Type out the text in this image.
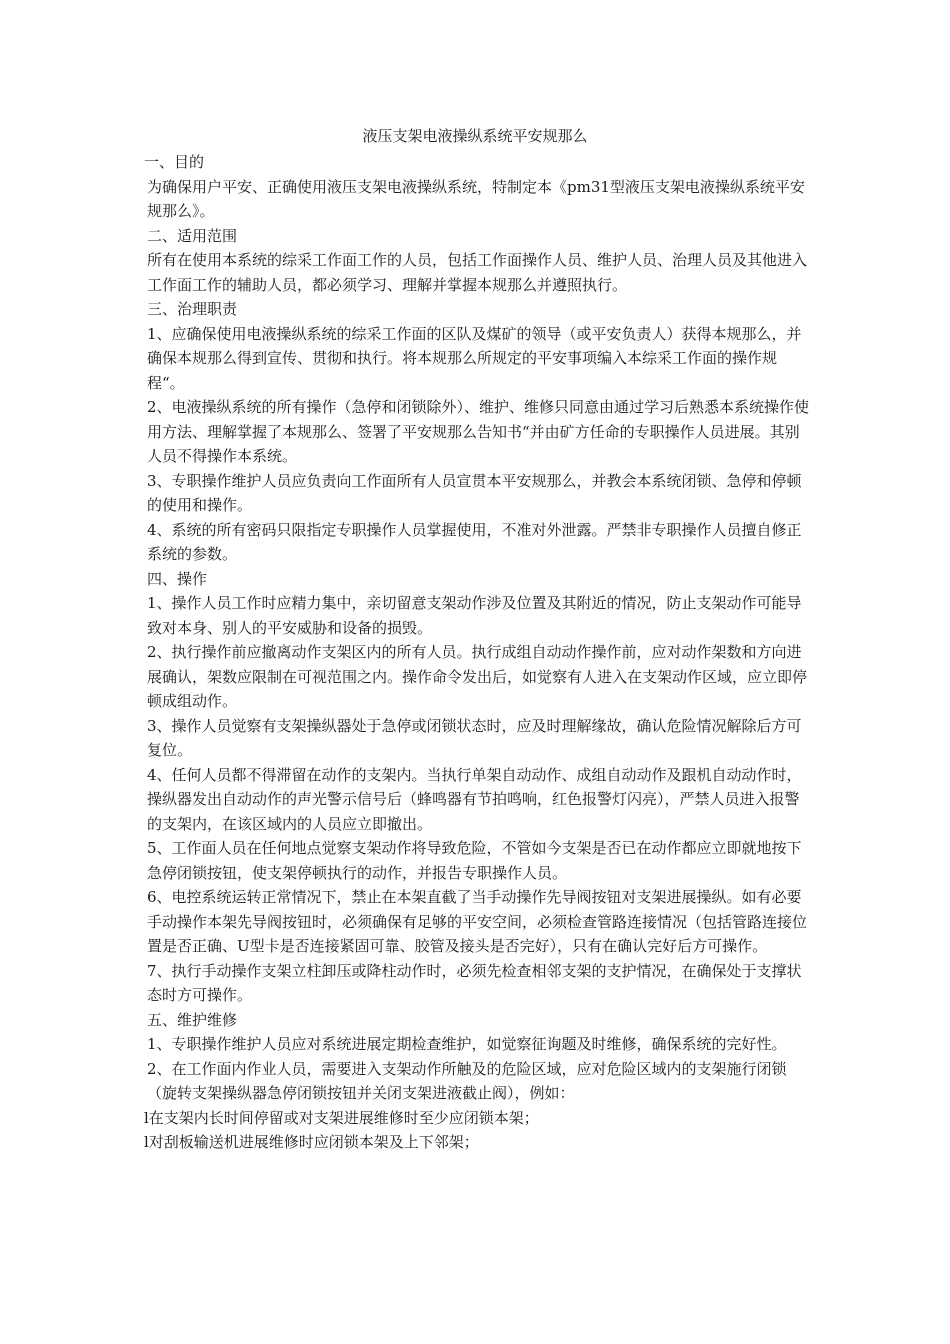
液压支架电液操纵系统平安规那么

一、目的

为确保用户平安、正确使用液压支架电液操纵系统，特制定本《pm31型液压支架电液操纵系统平安规那么》。

二、适用范围

所有在使用本系统的综采工作面工作的人员，包括工作面操作人员、维护人员、治理人员及其他进入工作面工作的辅助人员，都必须学习、理解并掌握本规那么并遵照执行。

三、治理职责

1、应确保使用电液操纵系统的综采工作面的区队及煤矿的领导（或平安负责人）获得本规那么，并确保本规那么得到宣传、贯彻和执行。将本规那么所规定的平安事项编入本综采工作面的操作规程“。

2、电液操纵系统的所有操作（急停和闭锁除外）、维护、维修只同意由通过学习后熟悉本系统操作使用方法、理解掌握了本规那么、签署了平安规那么告知书“并由矿方任命的专职操作人员进展。其别人员不得操作本系统。

3、专职操作维护人员应负责向工作面所有人员宣贯本平安规那么，并教会本系统闭锁、急停和停顿的使用和操作。

4、系统的所有密码只限指定专职操作人员掌握使用，不准对外泄露。严禁非专职操作人员擅自修正系统的参数。

四、操作

1、操作人员工作时应精力集中，亲切留意支架动作涉及位置及其附近的情况，防止支架动作可能导致对本身、别人的平安威胁和设备的损毁。

2、执行操作前应撤离动作支架区内的所有人员。执行成组自动动作操作前，应对动作架数和方向进展确认，架数应限制在可视范围之内。操作命令发出后，如觉察有人进入在支架动作区域，应立即停顿成组动作。

3、操作人员觉察有支架操纵器处于急停或闭锁状态时，应及时理解缘故，确认危险情况解除后方可复位。

4、任何人员都不得滞留在动作的支架内。当执行单架自动动作、成组自动动作及跟机自动动作时，操纵器发出自动动作的声光警示信号后（蜂鸣器有节拍鸣响，红色报警灯闪亮），严禁人员进入报警的支架内，在该区域内的人员应立即撤出。

5、工作面人员在任何地点觉察支架动作将导致危险，不管如今支架是否已在动作都应立即就地按下急停闭锁按钮，使支架停顿执行的动作，并报告专职操作人员。

6、电控系统运转正常情况下，禁止在本架直截了当手动操作先导阀按钮对支架进展操纵。如有必要手动操作本架先导阀按钮时，必须确保有足够的平安空间，必须检查管路连接情况（包括管路连接位置是否正确、U型卡是否连接紧固可靠、胶管及接头是否完好），只有在确认完好后方可操作。

7、执行手动操作支架立柱卸压或降柱动作时，必须先检查相邻支架的支护情况，在确保处于支撑状态时方可操作。

五、维护维修

1、专职操作维护人员应对系统进展定期检查维护，如觉察征询题及时维修，确保系统的完好性。

2、在工作面内作业人员，需要进入支架动作所触及的危险区域，应对危险区域内的支架施行闭锁（旋转支架操纵器急停闭锁按钮并关闭支架进液截止阀），例如：

l在支架内长时间停留或对支架进展维修时至少应闭锁本架；

l对刮板输送机进展维修时应闭锁本架及上下邻架；
